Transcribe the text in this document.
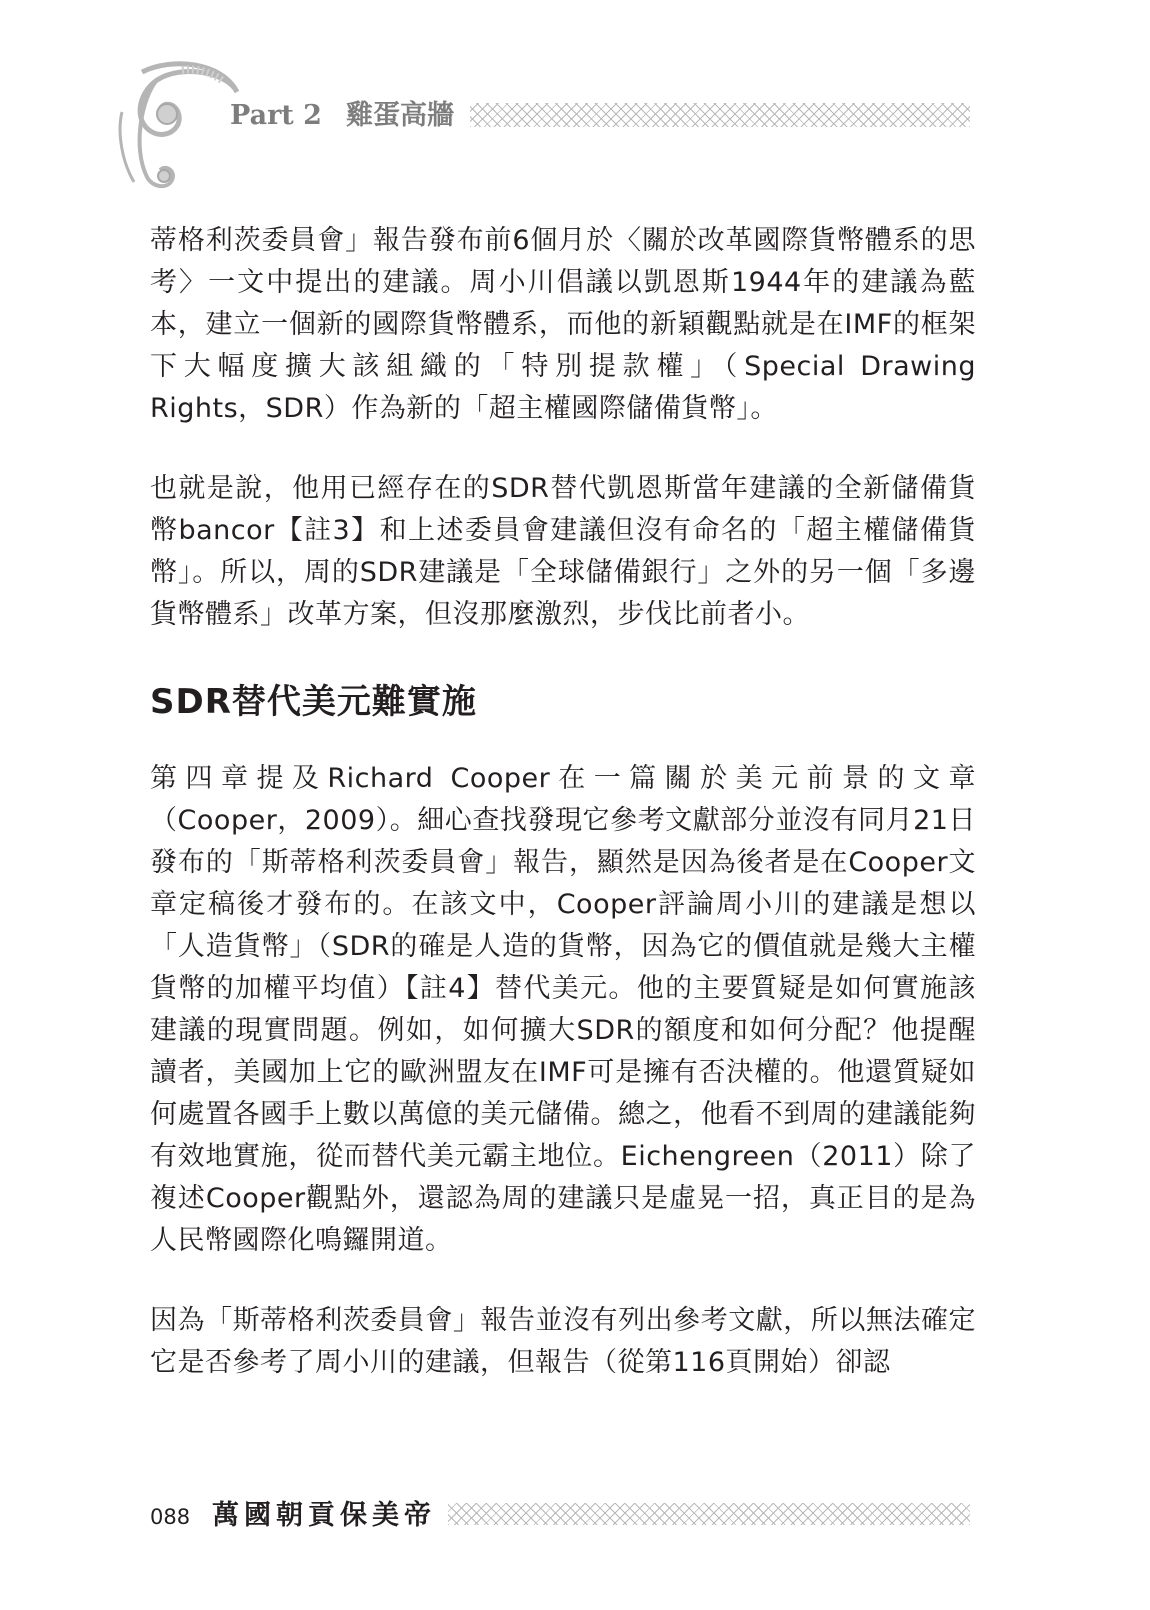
Part 2 雞蛋高牆

蒂格利茨委員會」報告發布前6個月於〈關於改革國際貨幣體系的思考〉一文中提出的建議。周小川倡議以凱恩斯1944年的建議為藍本，建立一個新的國際貨幣體系，而他的新穎觀點就是在IMF的框架下大幅度擴大該組織的「特別提款權」（Special Drawing Rights，SDR）作為新的「超主權國際儲備貨幣」。

也就是說，他用已經存在的SDR替代凱恩斯當年建議的全新儲備貨幣bancor【註3】和上述委員會建議但沒有命名的「超主權儲備貨幣」。所以，周的SDR建議是「全球儲備銀行」之外的另一個「多邊貨幣體系」改革方案，但沒那麼激烈，步伐比前者小。

SDR替代美元難實施

第四章提及Richard Cooper在一篇關於美元前景的文章（Cooper，2009）。細心查找發現它參考文獻部分並沒有同月21日發布的「斯蒂格利茨委員會」報告，顯然是因為後者是在Cooper文章定稿後才發布的。在該文中，Cooper評論周小川的建議是想以「人造貨幣」（SDR的確是人造的貨幣，因為它的價值就是幾大主權貨幣的加權平均值）【註4】替代美元。他的主要質疑是如何實施該建議的現實問題。例如，如何擴大SDR的額度和如何分配？他提醒讀者，美國加上它的歐洲盟友在IMF可是擁有否決權的。他還質疑如何處置各國手上數以萬億的美元儲備。總之，他看不到周的建議能夠有效地實施，從而替代美元霸主地位。Eichengreen（2011）除了複述Cooper觀點外，還認為周的建議只是虛晃一招，真正目的是為人民幣國際化鳴鑼開道。

因為「斯蒂格利茨委員會」報告並沒有列出參考文獻，所以無法確定它是否參考了周小川的建議，但報告（從第116頁開始）卻認

088 萬國朝貢保美帝
